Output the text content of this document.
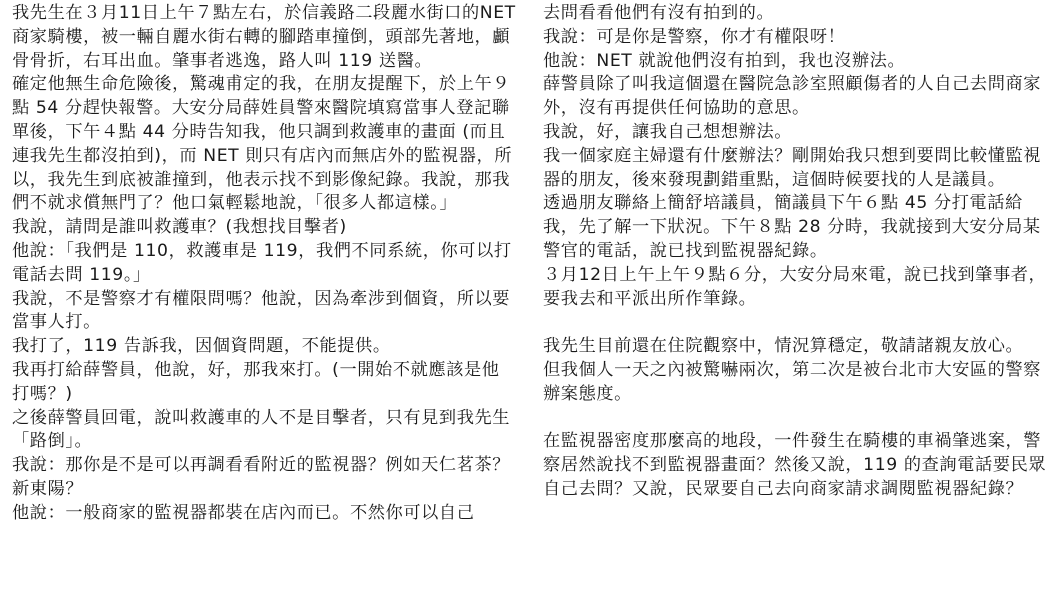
我先生在３月11日上午７點左右，於信義路二段麗水街口的NET商家騎樓，被一輛自麗水街右轉的腳踏車撞倒，頭部先著地，顱骨骨折，右耳出血。肇事者逃逸，路人叫 119 送醫。

確定他無生命危險後，驚魂甫定的我，在朋友提醒下，於上午９點 54 分趕快報警。大安分局薛姓員警來醫院填寫當事人登記聯單後，下午４點 44 分時告知我，他只調到救護車的畫面 (而且連我先生都沒拍到)，而 NET 則只有店內而無店外的監視器，所以，我先生到底被誰撞到，他表示找不到影像紀錄。我說，那我們不就求償無門了？他口氣輕鬆地說，「很多人都這樣。」

我說，請問是誰叫救護車？(我想找目擊者)

他說：「我們是 110，救護車是 119，我們不同系統，你可以打電話去問 119。」

我說，不是警察才有權限問嗎？他說，因為牽涉到個資，所以要當事人打。

我打了，119 告訴我，因個資問題，不能提供。

我再打給薛警員，他說，好，那我來打。(一開始不就應該是他打嗎？)

之後薛警員回電，說叫救護車的人不是目擊者，只有見到我先生「路倒」。

我說：那你是不是可以再調看看附近的監視器？例如天仁茗茶？新東陽？

他說：一般商家的監視器都裝在店內而已。不然你可以自己

去問看看他們有沒有拍到的。

我說：可是你是警察，你才有權限呀！

他說：NET 就說他們沒有拍到，我也沒辦法。

薛警員除了叫我這個還在醫院急診室照顧傷者的人自己去問商家外，沒有再提供任何協助的意思。

我說，好，讓我自己想想辦法。

我一個家庭主婦還有什麼辦法？剛開始我只想到要問比較懂監視器的朋友，後來發現劃錯重點，這個時候要找的人是議員。

透過朋友聯絡上簡舒培議員，簡議員下午６點 45 分打電話給我，先了解一下狀況。下午８點 28 分時，我就接到大安分局某警官的電話，說已找到監視器紀錄。

３月12日上午上午９點６分，大安分局來電，說已找到肇事者，要我去和平派出所作筆錄。

我先生目前還在住院觀察中，情況算穩定，敬請諸親友放心。

但我個人一天之內被驚嚇兩次，第二次是被台北市大安區的警察辦案態度。

在監視器密度那麼高的地段，一件發生在騎樓的車禍肇逃案，警察居然說找不到監視器畫面？然後又說，119 的查詢電話要民眾自己去問？又說，民眾要自己去向商家請求調閱監視器紀錄？
